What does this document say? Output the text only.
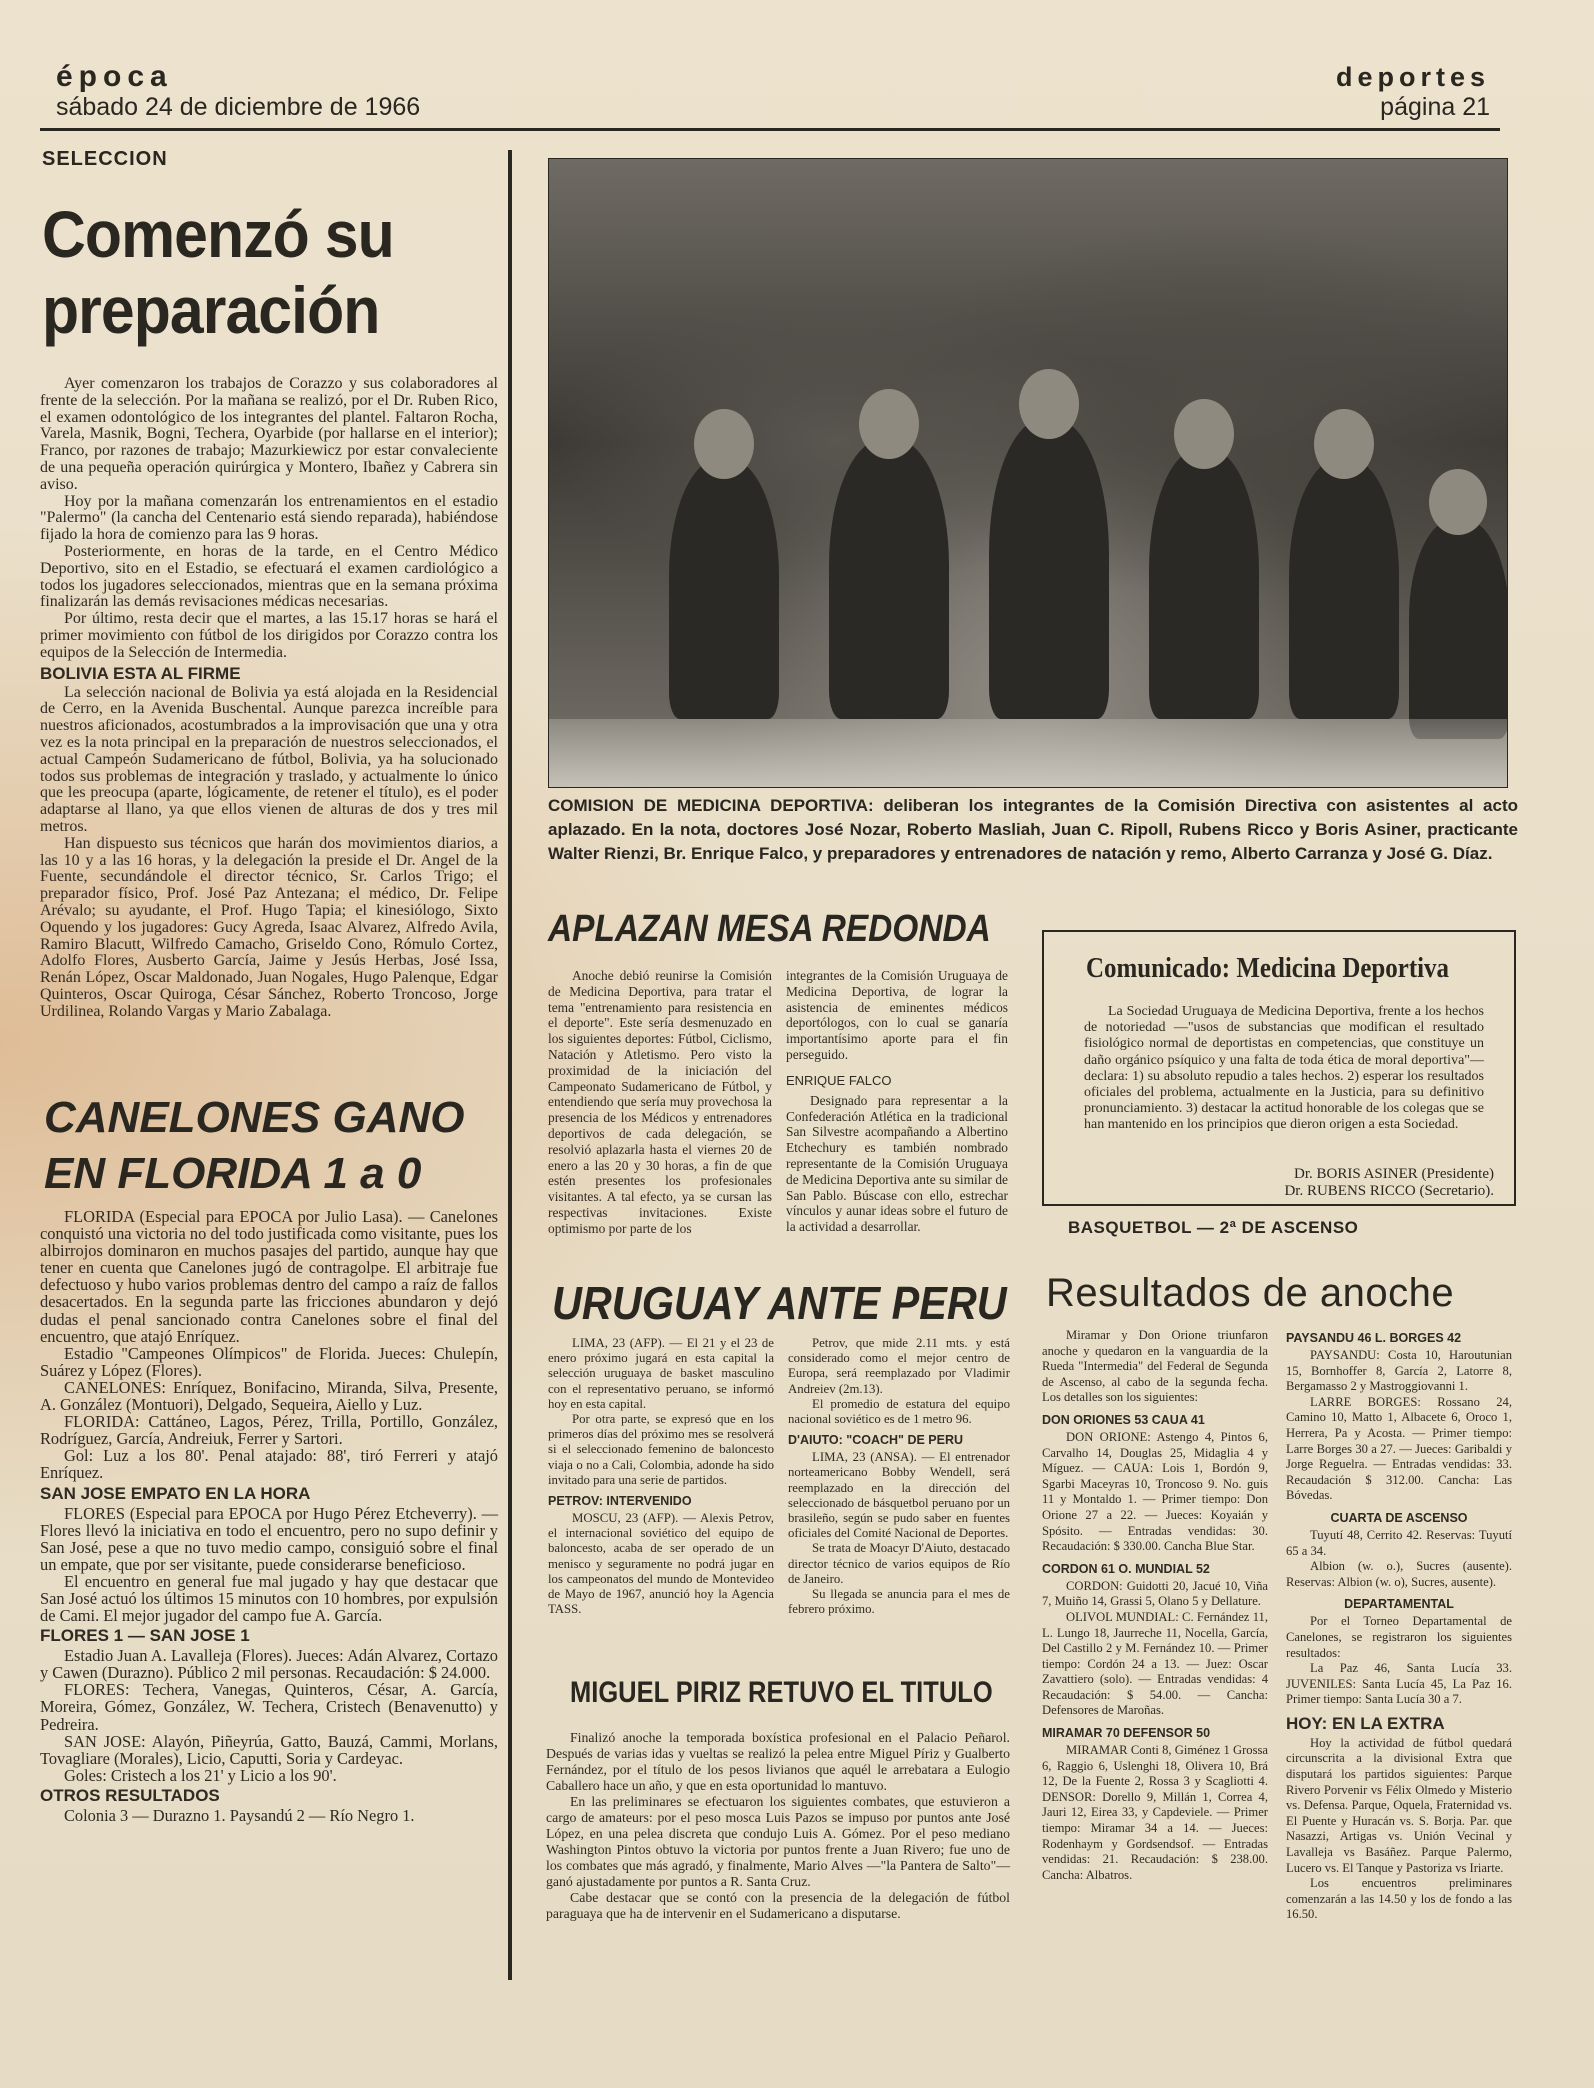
época
sábado 24 de diciembre de 1966
deportes
página 21
SELECCION
Comenzó su
preparación

Ayer comenzaron los trabajos de Corazzo y sus colaboradores al frente de la selección. Por la mañana se realizó, por el Dr. Ruben Rico, el examen odontológico de los integrantes del plantel. Faltaron Rocha, Varela, Masnik, Bogni, Techera, Oyarbide (por hallarse en el interior); Franco, por razones de trabajo; Mazurkiewicz por estar convaleciente de una pequeña operación quirúrgica y Montero, Ibañez y Cabrera sin aviso.

Hoy por la mañana comenzarán los entrenamientos en el estadio "Palermo" (la cancha del Centenario está siendo reparada), habiéndose fijado la hora de comienzo para las 9 horas.

Posteriormente, en horas de la tarde, en el Centro Médico Deportivo, sito en el Estadio, se efectuará el examen cardiológico a todos los jugadores seleccionados, mientras que en la semana próxima finalizarán las demás revisaciones médicas necesarias.

Por último, resta decir que el martes, a las 15.17 horas se hará el primer movimiento con fútbol de los dirigidos por Corazzo contra los equipos de la Selección de Intermedia.

BOLIVIA ESTA AL FIRME

La selección nacional de Bolivia ya está alojada en la Residencial de Cerro, en la Avenida Buschental. Aunque parezca increíble para nuestros aficionados, acostumbrados a la improvisación que una y otra vez es la nota principal en la preparación de nuestros seleccionados, el actual Campeón Sudamericano de fútbol, Bolivia, ya ha solucionado todos sus problemas de integración y traslado, y actualmente lo único que les preocupa (aparte, lógicamente, de retener el título), es el poder adaptarse al llano, ya que ellos vienen de alturas de dos y tres mil metros.

Han dispuesto sus técnicos que harán dos movimientos diarios, a las 10 y a las 16 horas, y la delegación la preside el Dr. Angel de la Fuente, secundándole el director técnico, Sr. Carlos Trigo; el preparador físico, Prof. José Paz Antezana; el médico, Dr. Felipe Arévalo; su ayudante, el Prof. Hugo Tapia; el kinesiólogo, Sixto Oquendo y los jugadores: Gucy Agreda, Isaac Alvarez, Alfredo Avila, Ramiro Blacutt, Wilfredo Camacho, Griseldo Cono, Rómulo Cortez, Adolfo Flores, Ausberto García, Jaime y Jesús Herbas, José Issa, Renán López, Oscar Maldonado, Juan Nogales, Hugo Palenque, Edgar Quinteros, Oscar Quiroga, César Sánchez, Roberto Troncoso, Jorge Urdilinea, Rolando Vargas y Mario Zabalaga.

CANELONES GANO
EN FLORIDA 1 a 0

FLORIDA (Especial para EPOCA por Julio Lasa). — Canelones conquistó una victoria no del todo justificada como visitante, pues los albirrojos dominaron en muchos pasajes del partido, aunque hay que tener en cuenta que Canelones jugó de contragolpe. El arbitraje fue defectuoso y hubo varios problemas dentro del campo a raíz de fallos desacertados. En la segunda parte las fricciones abundaron y dejó dudas el penal sancionado contra Canelones sobre el final del encuentro, que atajó Enríquez.

Estadio "Campeones Olímpicos" de Florida. Jueces: Chulepín, Suárez y López (Flores).

CANELONES: Enríquez, Bonifacino, Miranda, Silva, Presente, A. González (Montuori), Delgado, Sequeira, Aiello y Luz.

FLORIDA: Cattáneo, Lagos, Pérez, Trilla, Portillo, González, Rodríguez, García, Andreiuk, Ferrer y Sartori.

Gol: Luz a los 80'. Penal atajado: 88', tiró Ferreri y atajó Enríquez.

SAN JOSE EMPATO EN LA HORA

FLORES (Especial para EPOCA por Hugo Pérez Etcheverry). — Flores llevó la iniciativa en todo el encuentro, pero no supo definir y San José, pese a que no tuvo medio campo, consiguió sobre el final un empate, que por ser visitante, puede considerarse beneficioso.

El encuentro en general fue mal jugado y hay que destacar que San José actuó los últimos 15 minutos con 10 hombres, por expulsión de Cami. El mejor jugador del campo fue A. García.

FLORES 1 — SAN JOSE 1

Estadio Juan A. Lavalleja (Flores). Jueces: Adán Alvarez, Cortazo y Cawen (Durazno). Público 2 mil personas. Recaudación: $ 24.000.

FLORES: Techera, Vanegas, Quinteros, César, A. García, Moreira, Gómez, González, W. Techera, Cristech (Benavenutto) y Pedreira.

SAN JOSE: Alayón, Piñeyrúa, Gatto, Bauzá, Cammi, Morlans, Tovagliare (Morales), Licio, Caputti, Soria y Cardeyac.

Goles: Cristech a los 21' y Licio a los 90'.

OTROS RESULTADOS

Colonia 3 — Durazno 1. Paysandú 2 — Río Negro 1.

COMISION DE MEDICINA DEPORTIVA: deliberan los integrantes de la Comisión Directiva con asistentes al acto aplazado. En la nota, doctores José Nozar, Roberto Masliah, Juan C. Ripoll, Rubens Ricco y Boris Asiner, practicante Walter Rienzi, Br. Enrique Falco, y preparadores y entrenadores de natación y remo, Alberto Carranza y José G. Díaz.
APLAZAN MESA REDONDA

Anoche debió reunirse la Comisión de Medicina Deportiva, para tratar el tema "entrenamiento para resistencia en el deporte". Este sería desmenuzado en los siguientes deportes: Fútbol, Ciclismo, Natación y Atletismo. Pero visto la proximidad de la iniciación del Campeonato Sudamericano de Fútbol, y entendiendo que sería muy provechosa la presencia de los Médicos y entrenadores deportivos de cada delegación, se resolvió aplazarla hasta el viernes 20 de enero a las 20 y 30 horas, a fin de que estén presentes los profesionales visitantes. A tal efecto, ya se cursan las respectivas invitaciones. Existe optimismo por parte de los

integrantes de la Comisión Uruguaya de Medicina Deportiva, de lograr la asistencia de eminentes médicos deportólogos, con lo cual se ganaría importantísimo aporte para el fin perseguido.

ENRIQUE FALCO

Designado para representar a la Confederación Atlética en la tradicional San Silvestre acompañando a Albertino Etchechury es también nombrado representante de la Comisión Uruguaya de Medicina Deportiva ante su similar de San Pablo. Búscase con ello, estrechar vínculos y aunar ideas sobre el futuro de la actividad a desarrollar.

Comunicado: Medicina Deportiva

La Sociedad Uruguaya de Medicina Deportiva, frente a los hechos de notoriedad —"usos de substancias que modifican el resultado fisiológico normal de deportistas en competencias, que constituye un daño orgánico psíquico y una falta de toda ética de moral deportiva"— declara: 1) su absoluto repudio a tales hechos. 2) esperar los resultados oficiales del problema, actualmente en la Justicia, para su definitivo pronunciamiento. 3) destacar la actitud honorable de los colegas que se han mantenido en los principios que dieron origen a esta Sociedad.

Dr. BORIS ASINER (Presidente)
Dr. RUBENS RICCO (Secretario).
URUGUAY ANTE PERU

LIMA, 23 (AFP). — El 21 y el 23 de enero próximo jugará en esta capital la selección uruguaya de basket masculino con el representativo peruano, se informó hoy en esta capital.

Por otra parte, se expresó que en los primeros días del próximo mes se resolverá si el seleccionado femenino de baloncesto viaja o no a Cali, Colombia, adonde ha sido invitado para una serie de partidos.

PETROV: INTERVENIDO

MOSCU, 23 (AFP). — Alexis Petrov, el internacional soviético del equipo de baloncesto, acaba de ser operado de un menisco y seguramente no podrá jugar en los campeonatos del mundo de Montevideo de Mayo de 1967, anunció hoy la Agencia TASS.

Petrov, que mide 2.11 mts. y está considerado como el mejor centro de Europa, será reemplazado por Vladimir Andreiev (2m.13).

El promedio de estatura del equipo nacional soviético es de 1 metro 96.

D'AIUTO: "COACH" DE PERU

LIMA, 23 (ANSA). — El entrenador norteamericano Bobby Wendell, será reemplazado en la dirección del seleccionado de básquetbol peruano por un brasileño, según se pudo saber en fuentes oficiales del Comité Nacional de Deportes.

Se trata de Moacyr D'Aiuto, destacado director técnico de varios equipos de Río de Janeiro.

Su llegada se anuncia para el mes de febrero próximo.

MIGUEL PIRIZ RETUVO EL TITULO

Finalizó anoche la temporada boxística profesional en el Palacio Peñarol. Después de varias idas y vueltas se realizó la pelea entre Miguel Píriz y Gualberto Fernández, por el título de los pesos livianos que aquél le arrebatara a Eulogio Caballero hace un año, y que en esta oportunidad lo mantuvo.

En las preliminares se efectuaron los siguientes combates, que estuvieron a cargo de amateurs: por el peso mosca Luis Pazos se impuso por puntos ante José López, en una pelea discreta que condujo Luis A. Gómez. Por el peso mediano Washington Pintos obtuvo la victoria por puntos frente a Juan Rivero; fue uno de los combates que más agradó, y finalmente, Mario Alves —"la Pantera de Salto"— ganó ajustadamente por puntos a R. Santa Cruz.

Cabe destacar que se contó con la presencia de la delegación de fútbol paraguaya que ha de intervenir en el Sudamericano a disputarse.

BASQUETBOL — 2ª DE ASCENSO
Resultados de anoche

Miramar y Don Orione triunfaron anoche y quedaron en la vanguardia de la Rueda "Intermedia" del Federal de Segunda de Ascenso, al cabo de la segunda fecha. Los detalles son los siguientes:

DON ORIONES 53 CAUA 41

DON ORIONE: Astengo 4, Pintos 6, Carvalho 14, Douglas 25, Midaglia 4 y Míguez. — CAUA: Lois 1, Bordón 9, Sgarbi Maceyras 10, Troncoso 9. No. guis 11 y Montaldo 1. — Primer tiempo: Don Orione 27 a 22. — Jueces: Koyaián y Spósito. — Entradas vendidas: 30. Recaudación: $ 330.00. Cancha Blue Star.

CORDON 61 O. MUNDIAL 52

CORDON: Guidotti 20, Jacué 10, Viña 7, Muiño 14, Grassi 5, Olano 5 y Dellature.

OLIVOL MUNDIAL: C. Fernández 11, L. Lungo 18, Jaurreche 11, Nocella, García, Del Castillo 2 y M. Fernández 10. — Primer tiempo: Cordón 24 a 13. — Juez: Oscar Zavattiero (solo). — Entradas vendidas: 4 Recaudación: $ 54.00. — Cancha: Defensores de Maroñas.

MIRAMAR 70 DEFENSOR 50

MIRAMAR Conti 8, Giménez 1 Grossa 6, Raggio 6, Uslenghi 18, Olivera 10, Brá 12, De la Fuente 2, Rossa 3 y Scagliotti 4. DENSOR: Dorello 9, Millán 1, Correa 4, Jauri 12, Eirea 33, y Capdeviele. — Primer tiempo: Miramar 34 a 14. — Jueces: Rodenhaym y Gordsendsof. — Entradas vendidas: 21. Recaudación: $ 238.00. Cancha: Albatros.

PAYSANDU 46 L. BORGES 42

PAYSANDU: Costa 10, Haroutunian 15, Bornhoffer 8, García 2, Latorre 8, Bergamasso 2 y Mastroggiovanni 1.

LARRE BORGES: Rossano 24, Camino 10, Matto 1, Albacete 6, Oroco 1, Herrera, Pa y Acosta. — Primer tiempo: Larre Borges 30 a 27. — Jueces: Garibaldi y Jorge Reguelra. — Entradas vendidas: 33. Recaudación $ 312.00. Cancha: Las Bóvedas.

CUARTA DE ASCENSO

Tuyutí 48, Cerrito 42. Reservas: Tuyutí 65 a 34.

Albion (w. o.), Sucres (ausente). Reservas: Albion (w. o), Sucres, ausente).

DEPARTAMENTAL

Por el Torneo Departamental de Canelones, se registraron los siguientes resultados:

La Paz 46, Santa Lucía 33. JUVENILES: Santa Lucía 45, La Paz 16. Primer tiempo: Santa Lucía 30 a 7.

HOY: EN LA EXTRA

Hoy la actividad de fútbol quedará circunscrita a la divisional Extra que disputará los partidos siguientes: Parque Rivero Porvenir vs Félix Olmedo y Misterio vs. Defensa. Parque, Oquela, Fraternidad vs. El Puente y Huracán vs. S. Borja. Par. que Nasazzi, Artigas vs. Unión Vecinal y Lavalleja vs Basáñez. Parque Palermo, Lucero vs. El Tanque y Pastoriza vs Iriarte.

Los encuentros preliminares comenzarán a las 14.50 y los de fondo a las 16.50.
